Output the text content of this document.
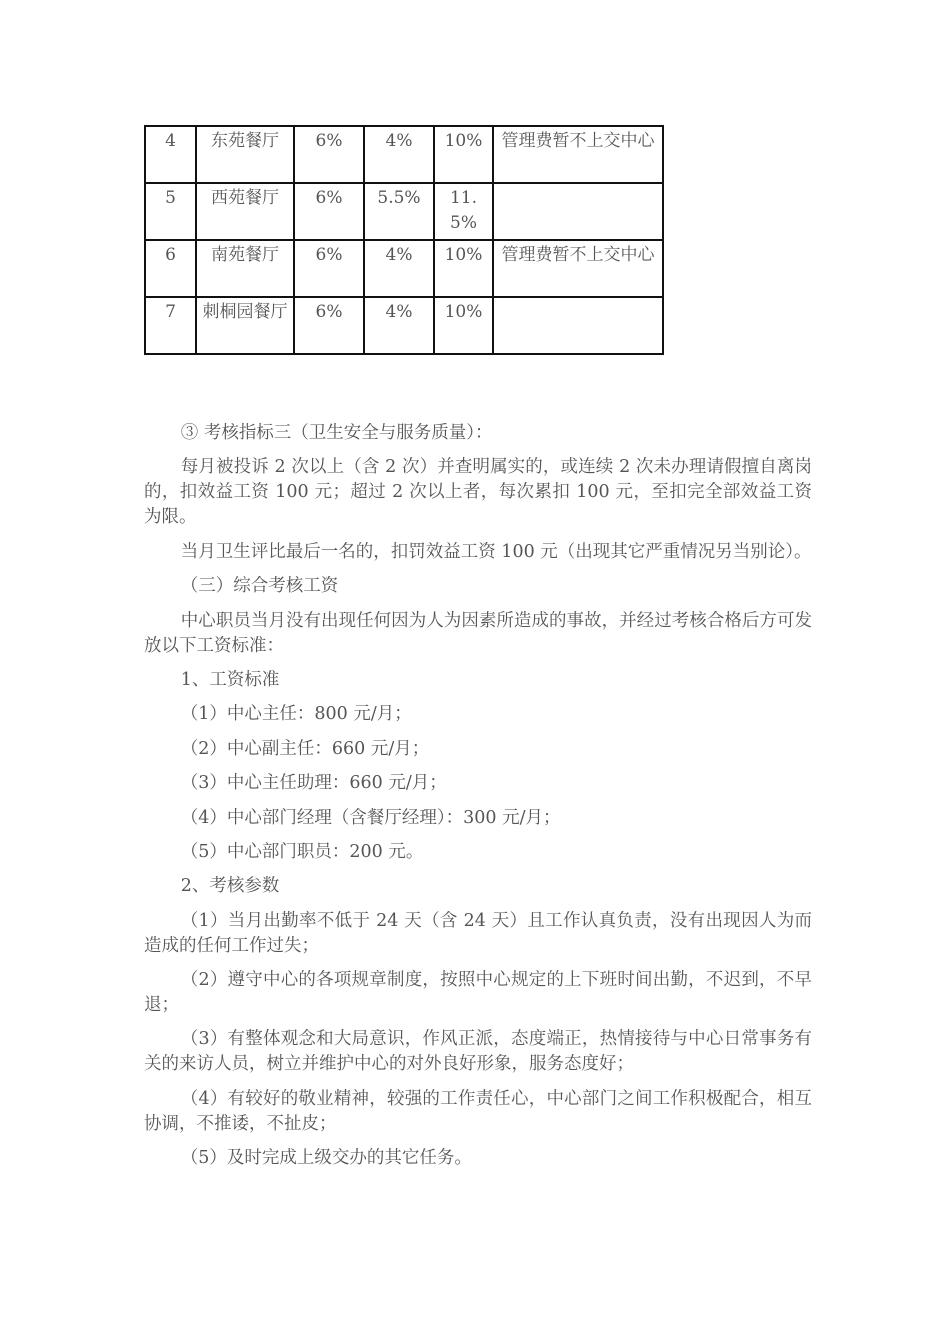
4	东苑餐厅	6%	4%	10%	管理费暂不上交中心
5	西苑餐厅	6%	5.5%	11.5%	
6	南苑餐厅	6%	4%	10%	管理费暂不上交中心
7	刺桐园餐厅	6%	4%	10%	

③ 考核指标三（卫生安全与服务质量）：

每月被投诉 2 次以上（含 2 次）并查明属实的，或连续 2 次未办理请假擅自离岗的，扣效益工资 100 元；超过 2 次以上者，每次累扣 100 元，至扣完全部效益工资为限。

当月卫生评比最后一名的，扣罚效益工资 100 元（出现其它严重情况另当别论）。

（三）综合考核工资

中心职员当月没有出现任何因为人为因素所造成的事故，并经过考核合格后方可发放以下工资标准：

1、工资标准

（1）中心主任：800 元/月；

（2）中心副主任：660 元/月；

（3）中心主任助理：660 元/月；

（4）中心部门经理（含餐厅经理）：300 元/月；

（5）中心部门职员：200 元。

2、考核参数

（1）当月出勤率不低于 24 天（含 24 天）且工作认真负责，没有出现因人为而造成的任何工作过失；

（2）遵守中心的各项规章制度，按照中心规定的上下班时间出勤，不迟到，不早退；

（3）有整体观念和大局意识，作风正派，态度端正，热情接待与中心日常事务有关的来访人员，树立并维护中心的对外良好形象，服务态度好；

（4）有较好的敬业精神，较强的工作责任心，中心部门之间工作积极配合，相互协调，不推诿，不扯皮；

（5）及时完成上级交办的其它任务。
